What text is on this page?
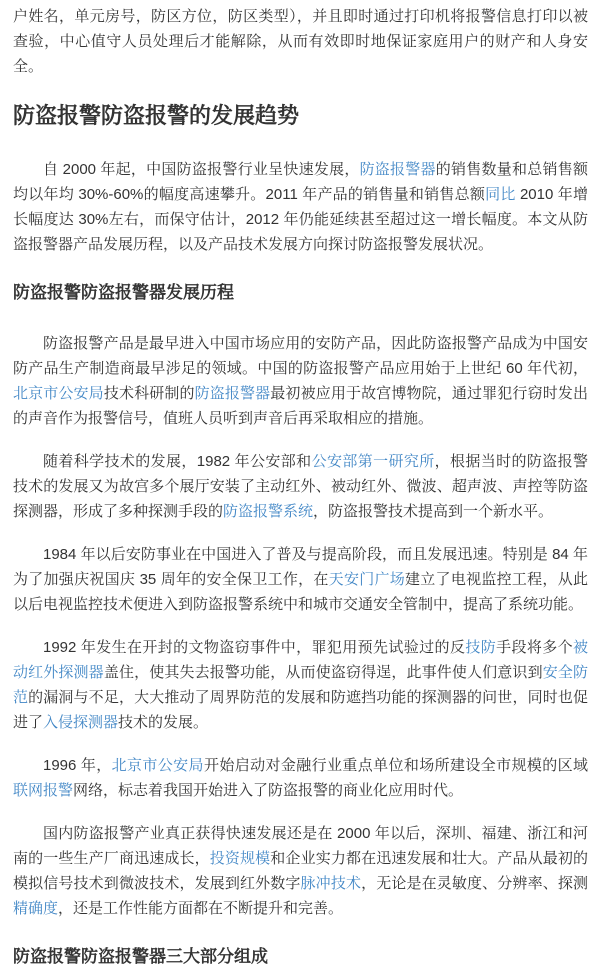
户姓名，单元房号，防区方位，防区类型），并且即时通过打印机将报警信息打印以被查验，中心值守人员处理后才能解除，从而有效即时地保证家庭用户的财产和人身安全。

防盗报警防盗报警的发展趋势

自 2000 年起，中国防盗报警行业呈快速发展，防盗报警器的销售数量和总销售额均以年均 30%-60%的幅度高速攀升。2011 年产品的销售量和销售总额同比 2010 年增长幅度达 30%左右，而保守估计，2012 年仍能延续甚至超过这一增长幅度。本文从防盗报警器产品发展历程，以及产品技术发展方向探讨防盗报警发展状况。

防盗报警防盗报警器发展历程

防盗报警产品是最早进入中国市场应用的安防产品，因此防盗报警产品成为中国安防产品生产制造商最早涉足的领域。中国的防盗报警产品应用始于上世纪 60 年代初，北京市公安局技术科研制的防盗报警器最初被应用于故宫博物院，通过罪犯行窃时发出的声音作为报警信号，值班人员听到声音后再采取相应的措施。

随着科学技术的发展，1982 年公安部和公安部第一研究所，根据当时的防盗报警技术的发展又为故宫多个展厅安装了主动红外、被动红外、微波、超声波、声控等防盗探测器，形成了多种探测手段的防盗报警系统，防盗报警技术提高到一个新水平。

1984 年以后安防事业在中国进入了普及与提高阶段，而且发展迅速。特别是 84 年为了加强庆祝国庆 35 周年的安全保卫工作，在天安门广场建立了电视监控工程，从此以后电视监控技术便进入到防盗报警系统中和城市交通安全管制中，提高了系统功能。

1992 年发生在开封的文物盗窃事件中，罪犯用预先试验过的反技防手段将多个被动红外探测器盖住，使其失去报警功能，从而使盗窃得逞，此事件使人们意识到安全防范的漏洞与不足，大大推动了周界防范的发展和防遮挡功能的探测器的问世，同时也促进了入侵探测器技术的发展。

1996 年，北京市公安局开始启动对金融行业重点单位和场所建设全市规模的区域联网报警网络，标志着我国开始进入了防盗报警的商业化应用时代。

国内防盗报警产业真正获得快速发展还是在 2000 年以后，深圳、福建、浙江和河南的一些生产厂商迅速成长，投资规模和企业实力都在迅速发展和壮大。产品从最初的模拟信号技术到微波技术，发展到红外数字脉冲技术，无论是在灵敏度、分辨率、探测精确度，还是工作性能方面都在不断提升和完善。

防盗报警防盗报警器三大部分组成
